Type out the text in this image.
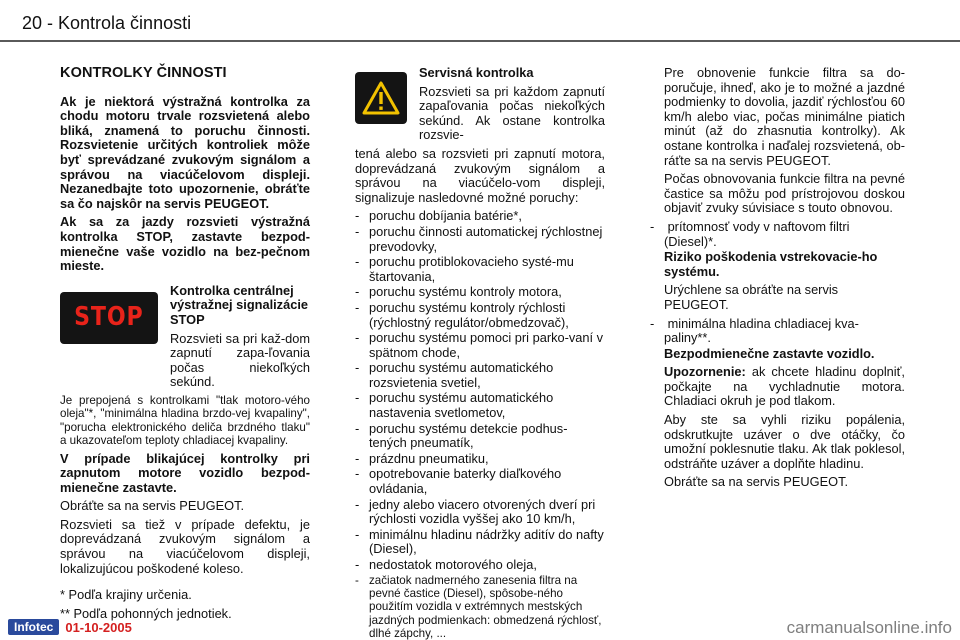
20 - Kontrola činnosti
KONTROLKY ČINNOSTI

Ak je niektorá výstražná kontrolka za chodu motoru trvale rozsvietená alebo bliká, znamená to poruchu činnosti. Rozsvietenie určitých kontroliek môže byť sprevádzané zvukovým signálom a správou na viacúčelovom displeji. Nezanedbajte toto upozornenie, obráťte sa čo najskôr na servis PEUGEOT.

Ak sa za jazdy rozsvieti výstražná kontrolka STOP, zastavte bezpod-mienečne vaše vozidlo na bez-pečnom mieste.

STOP

Kontrolka centrálnej výstražnej signalizácie STOP

Rozsvieti sa pri kaž-dom zapnutí zapa-ľovania počas niekoľkých sekúnd.

Je prepojená s kontrolkami "tlak motoro-vého oleja"*, "minimálna hladina brzdo-vej kvapaliny", "porucha elektronického deliča brzdného tlaku" a ukazovateľom teploty chladiacej kvapaliny.

V prípade blikajúcej kontrolky pri zapnutom motore vozidlo bezpod-mienečne zastavte.

Obráťte sa na servis PEUGEOT.

Rozsvieti sa tiež v prípade defektu, je doprevádzaná zvukovým signálom a správou na viacúčelovom displeji, lokalizujúcou poškodené koleso.

* Podľa krajiny určenia.

** Podľa pohonných jednotiek.

Servisná kontrolka

Rozsvieti sa pri každom zapnutí zapaľovania počas niekoľkých sekúnd. Ak ostane kontrolka rozsvie-

tená alebo sa rozsvieti pri zapnutí motora, doprevádzaná zvukovým signálom a správou na viacúčelo-vom displeji, signalizuje nasledovné možné poruchy:

- poruchu dobíjania batérie*,
- poruchu činnosti automatickej rýchlostnej prevodovky,
- poruchu protiblokovacieho systé-mu štartovania,
- poruchu systému kontroly motora,
- poruchu systému kontroly rýchlosti (rýchlostný regulátor/obmedzovač),
- poruchu systému pomoci pri parko-vaní v spätnom chode,
- poruchu systému automatického rozsvietenia svetiel,
- poruchu systému automatického nastavenia svetlometov,
- poruchu systému detekcie podhus-tených pneumatík,
- prázdnu pneumatiku,
- opotrebovanie baterky diaľkového ovládania,
- jedny alebo viacero otvorených dverí pri rýchlosti vozidla vyššej ako 10 km/h,
- minimálnu hladinu nádržky aditív do nafty (Diesel),
- nedostatok motorového oleja,
- začiatok nadmerného zanesenia filtra na pevné častice (Diesel), spôsobe-ného použitím vozidla v extrémnych mestských jazdných podmienkach: obmedzená rýchlosť, dlhé zápchy, ...

Pre obnovenie funkcie filtra sa do-poručuje, ihneď, ako je to možné a jazdné podmienky to dovolia, jazdiť rýchlosťou 60 km/h alebo viac, počas minimálne piatich minút (až do zhasnutia kontrolky). Ak ostane kontrolka i naďalej rozsvietená, ob-ráťte sa na servis PEUGEOT.

Počas obnovovania funkcie filtra na pevné častice sa môžu pod prístrojovou doskou objaviť zvuky súvisiace s touto obnovou.

- prítomnosť vody v naftovom filtri (Diesel)*.

Riziko poškodenia vstrekovacie-ho systému.

Urýchlene sa obráťte na servis PEUGEOT.

- minimálna hladina chladiacej kva-paliny**.

Bezpodmienečne zastavte vozidlo.

Upozornenie: ak chcete hladinu doplniť, počkajte na vychladnutie motora. Chladiaci okruh je pod tlakom.

Aby ste sa vyhli riziku popálenia, odskrutkujte uzáver o dve otáčky, čo umožní poklesnutie tlaku. Ak tlak poklesol, odstráňte uzáver a doplňte hladinu.

Obráťte sa na servis PEUGEOT.

Infotec 01-10-2005	carmanualsonline.info
